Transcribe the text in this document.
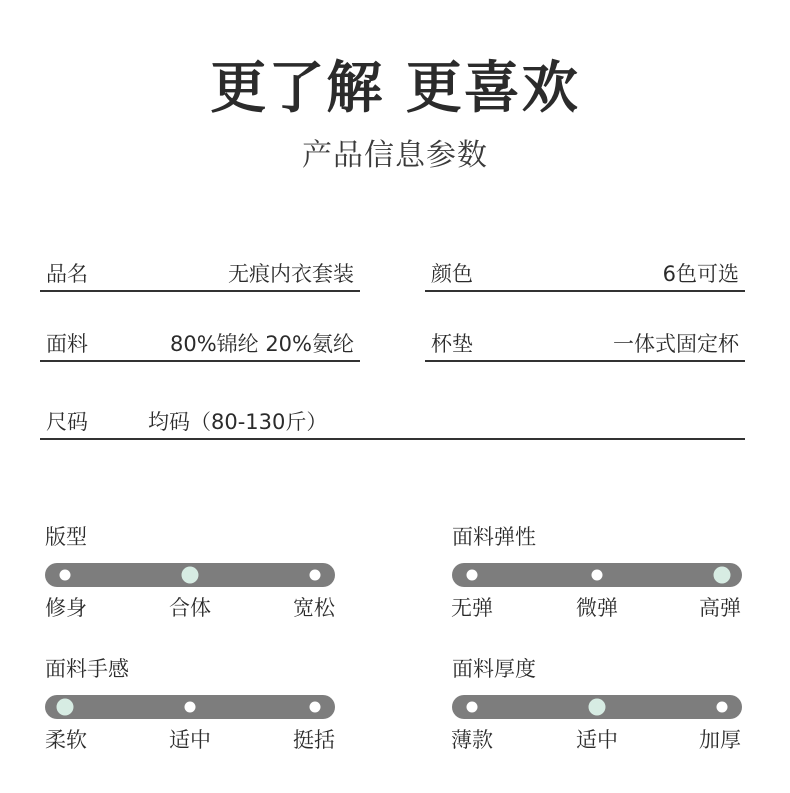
更了解 更喜欢
产品信息参数
品名	无痕内衣套装	颜色	6色可选
面料	80%锦纶 20%氨纶	杯垫	一体式固定杯
尺码	均码（80-130斤）
版型
修身	合体	宽松
面料弹性
无弹	微弹	高弹
面料手感
柔软	适中	挺括
面料厚度
薄款	适中	加厚
